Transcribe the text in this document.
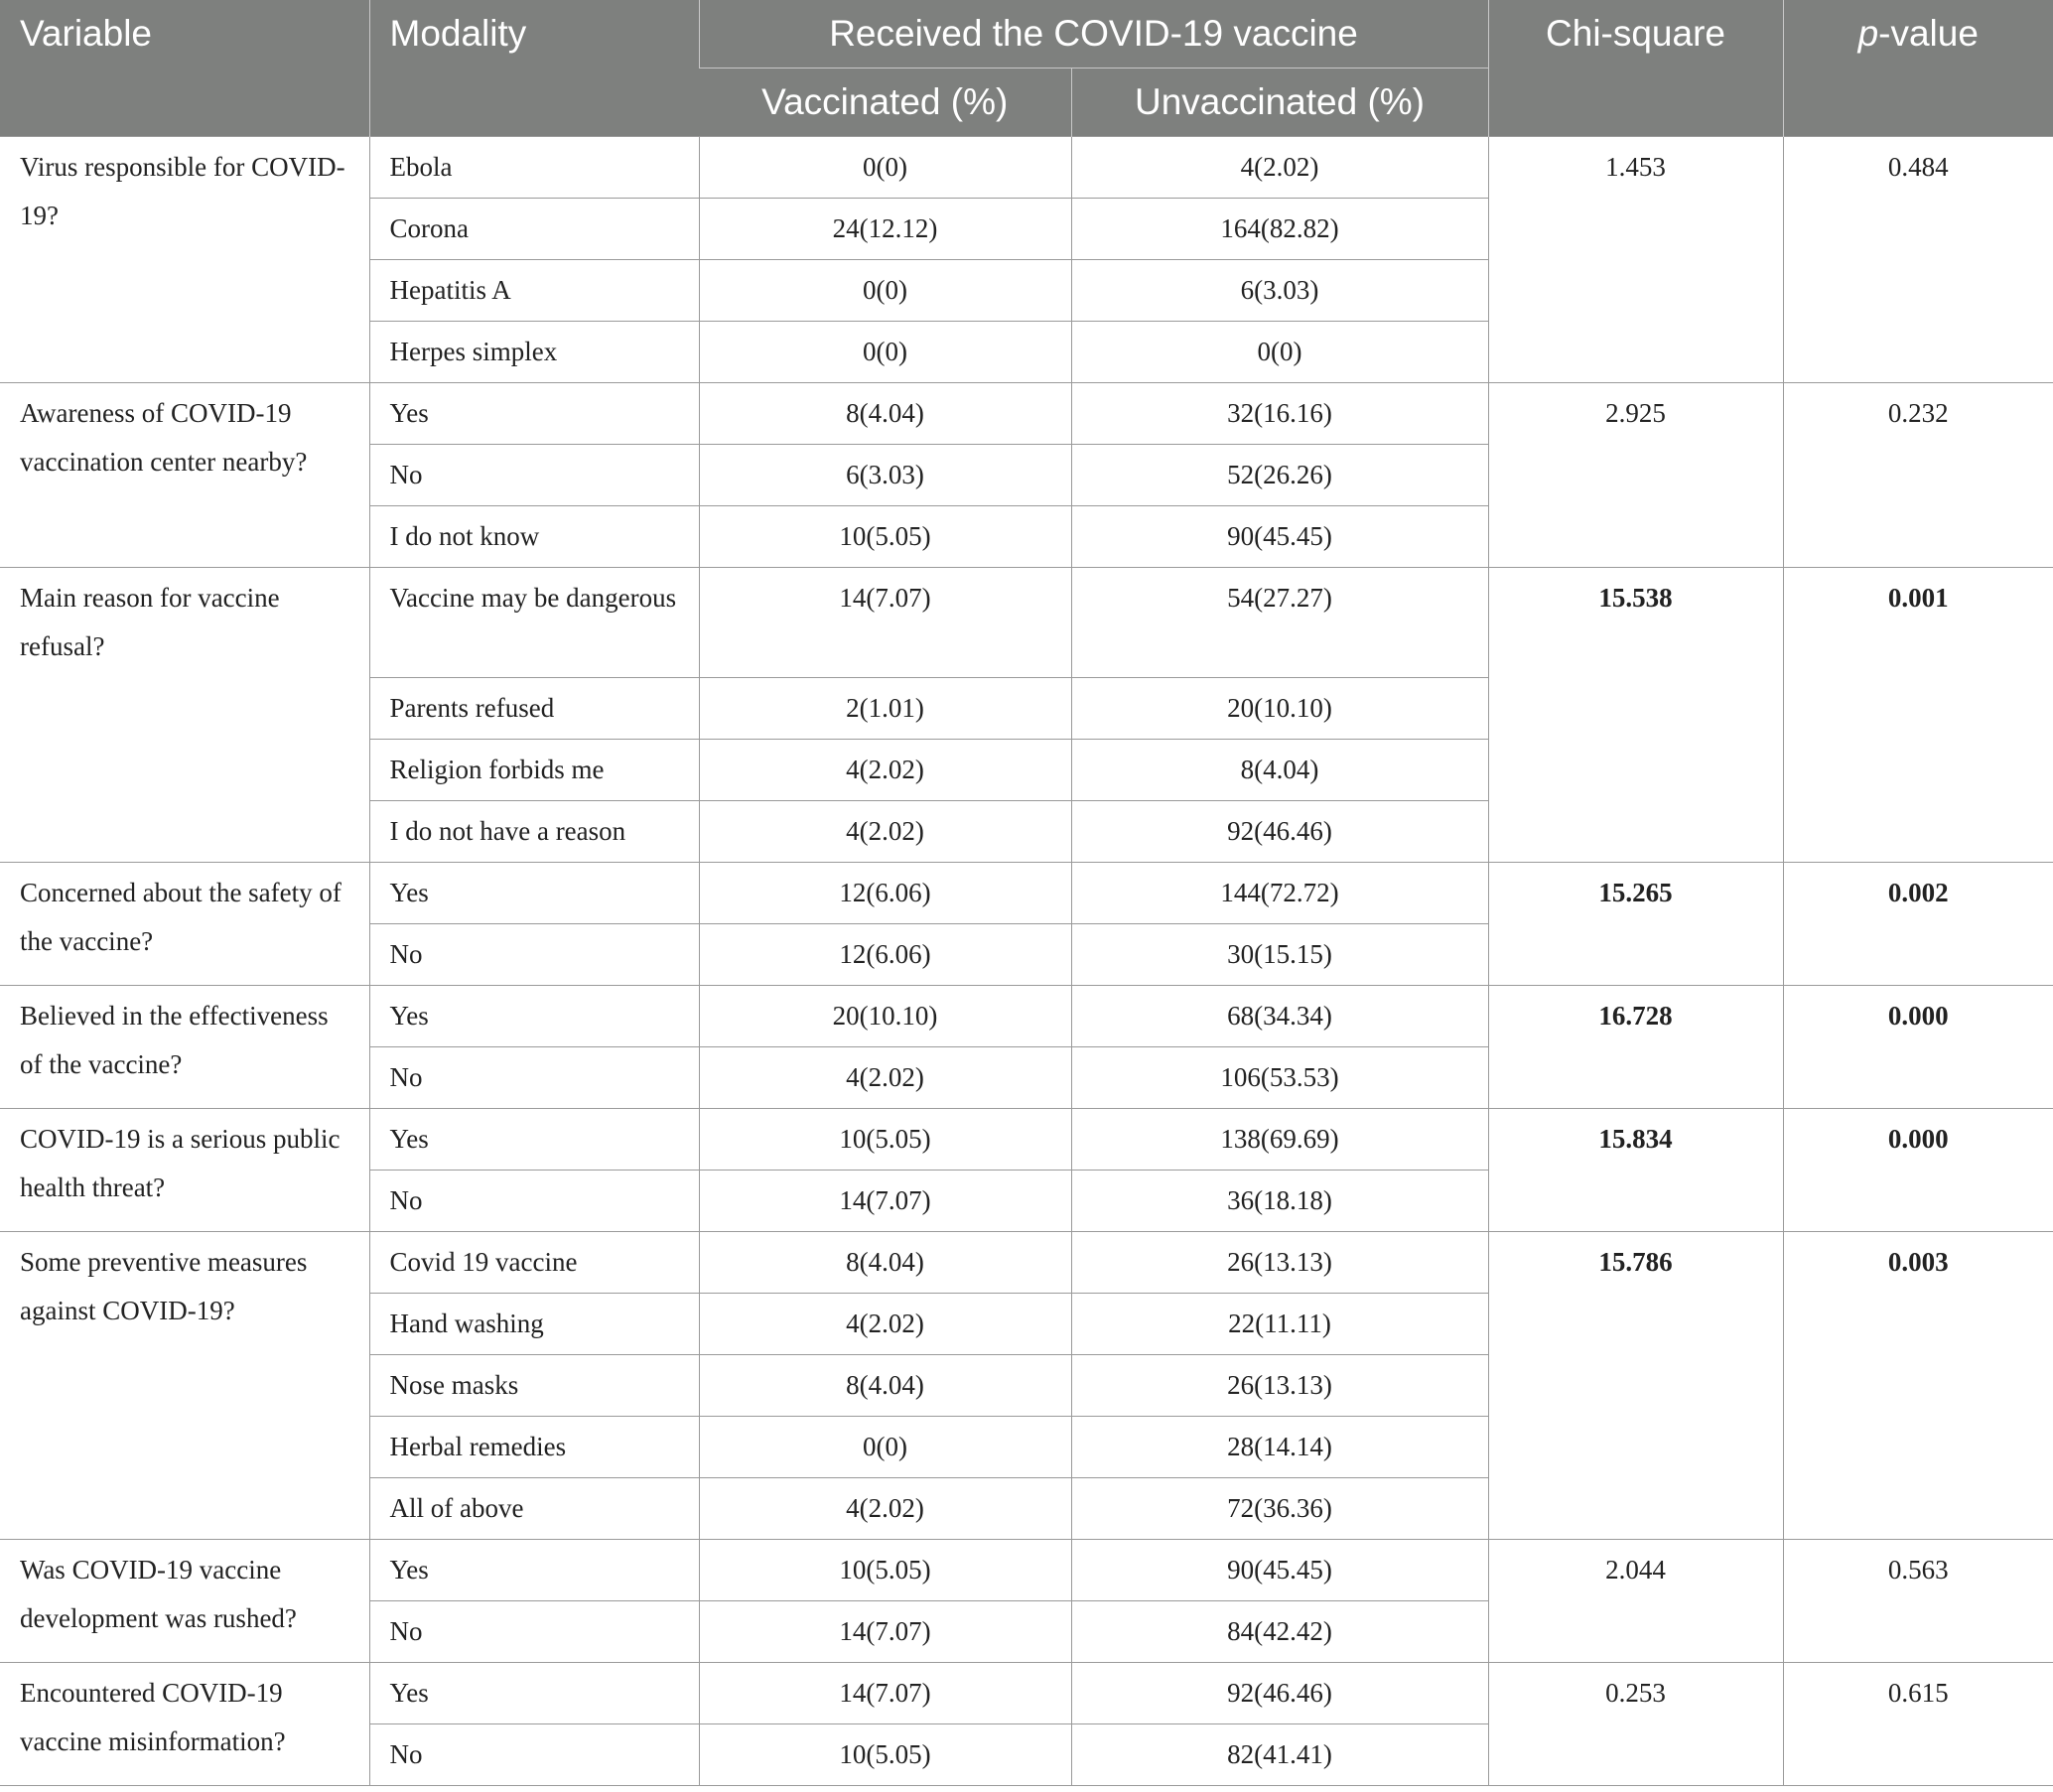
Variable	Modality	Received the COVID-19 vaccine		Chi-square	p-value
		Vaccinated (%)	Unvaccinated (%)		
Virus responsible for COVID-19?	Ebola	0(0)	4(2.02)	1.453	0.484
	Corona	24(12.12)	164(82.82)		
	Hepatitis A	0(0)	6(3.03)		
	Herpes simplex	0(0)	0(0)		
Awareness of COVID-19 vaccination center nearby?	Yes	8(4.04)	32(16.16)	2.925	0.232
	No	6(3.03)	52(26.26)		
	I do not know	10(5.05)	90(45.45)		
Main reason for vaccine refusal?	Vaccine may be dangerous	14(7.07)	54(27.27)	15.538	0.001
	Parents refused	2(1.01)	20(10.10)		
	Religion forbids me	4(2.02)	8(4.04)		
	I do not have a reason	4(2.02)	92(46.46)		
Concerned about the safety of the vaccine?	Yes	12(6.06)	144(72.72)	15.265	0.002
	No	12(6.06)	30(15.15)		
Believed in the effectiveness of the vaccine?	Yes	20(10.10)	68(34.34)	16.728	0.000
	No	4(2.02)	106(53.53)		
COVID-19 is a serious public health threat?	Yes	10(5.05)	138(69.69)	15.834	0.000
	No	14(7.07)	36(18.18)		
Some preventive measures against COVID-19?	Covid 19 vaccine	8(4.04)	26(13.13)	15.786	0.003
	Hand washing	4(2.02)	22(11.11)		
	Nose masks	8(4.04)	26(13.13)		
	Herbal remedies	0(0)	28(14.14)		
	All of above	4(2.02)	72(36.36)		
Was COVID-19 vaccine development was rushed?	Yes	10(5.05)	90(45.45)	2.044	0.563
	No	14(7.07)	84(42.42)		
Encountered COVID-19 vaccine misinformation?	Yes	14(7.07)	92(46.46)	0.253	0.615
	No	10(5.05)	82(41.41)		
